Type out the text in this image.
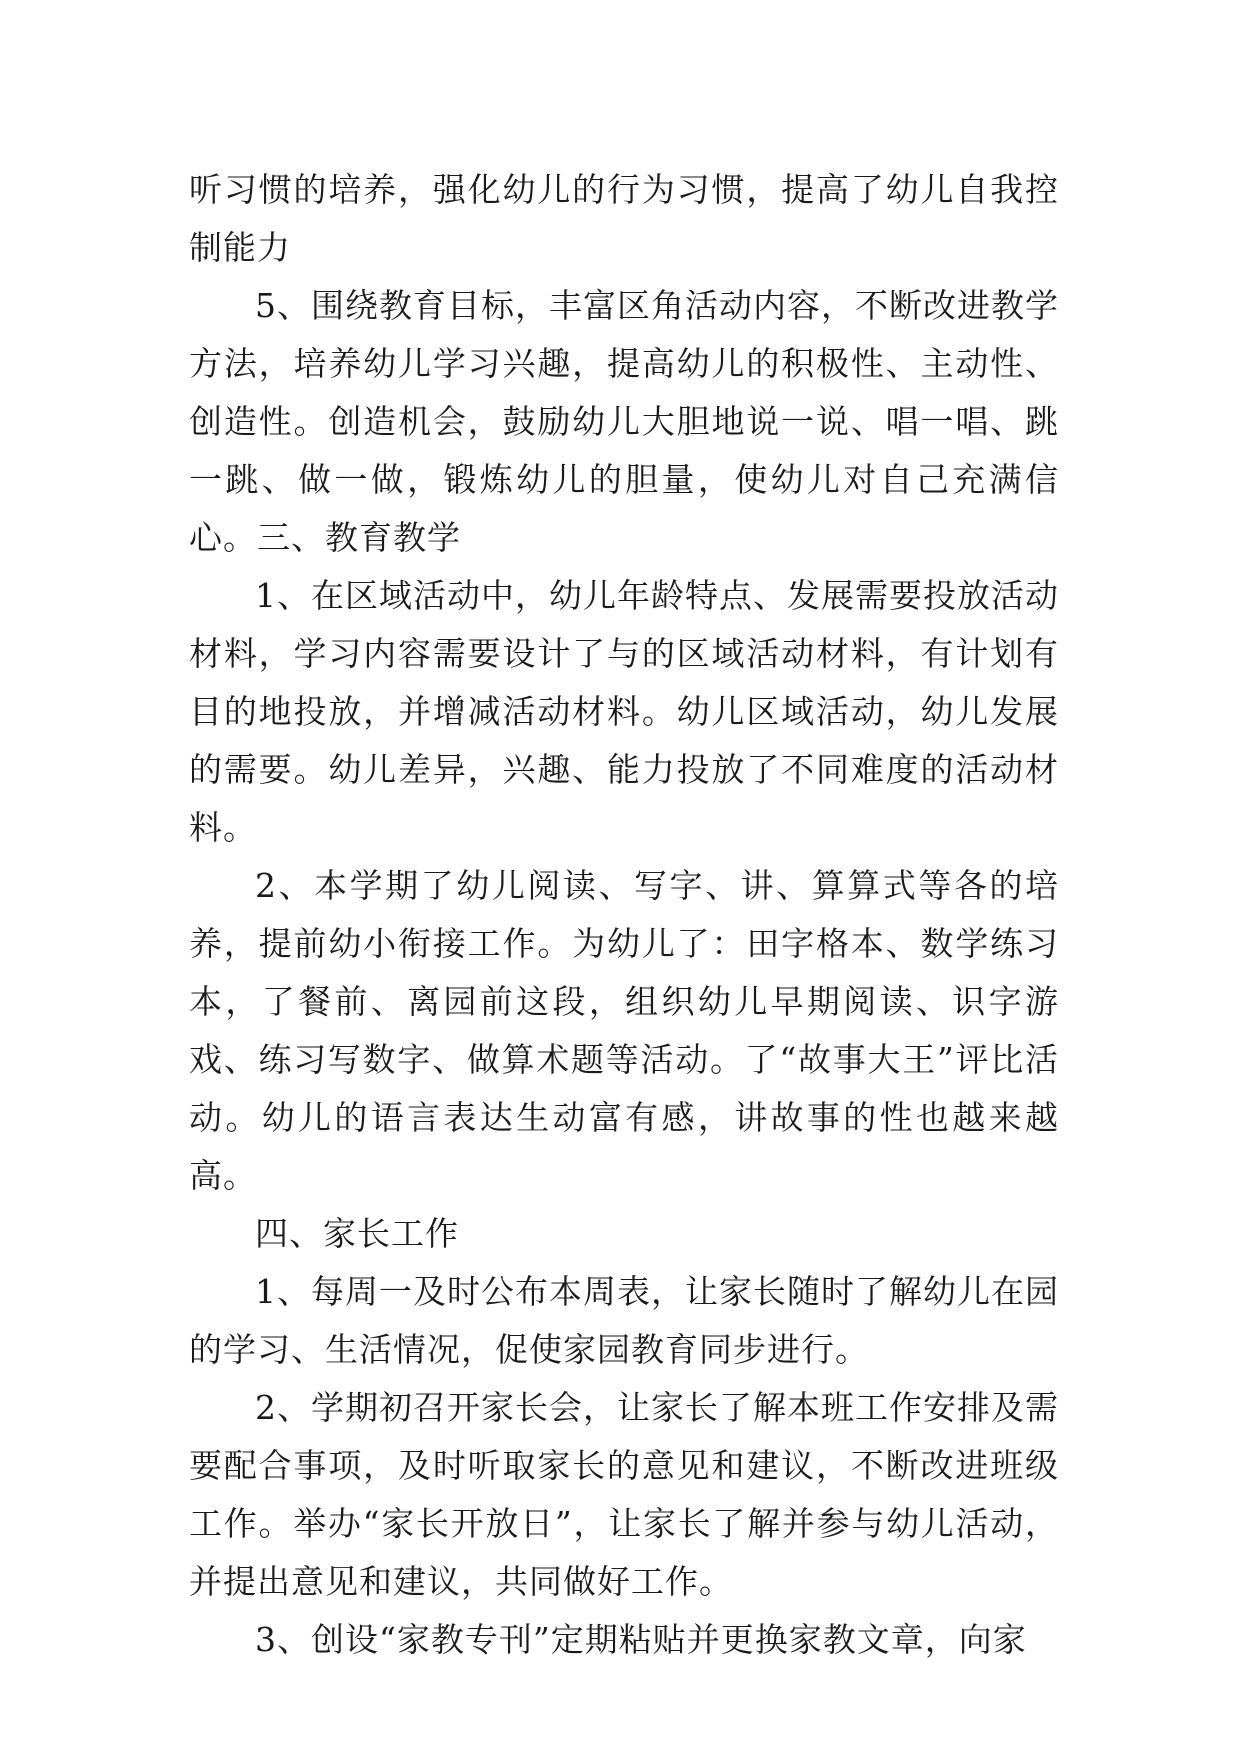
听习惯的培养，强化幼儿的行为习惯，提高了幼儿自我控制能力

5、围绕教育目标，丰富区角活动内容，不断改进教学方法，培养幼儿学习兴趣，提高幼儿的积极性、主动性、创造性。创造机会，鼓励幼儿大胆地说一说、唱一唱、跳一跳、做一做，锻炼幼儿的胆量，使幼儿对自己充满信心。三、教育教学

1、在区域活动中，幼儿年龄特点、发展需要投放活动材料，学习内容需要设计了与的区域活动材料，有计划有目的地投放，并增减活动材料。幼儿区域活动，幼儿发展的需要。幼儿差异，兴趣、能力投放了不同难度的活动材料。

2、本学期了幼儿阅读、写字、讲、算算式等各的培养，提前幼小衔接工作。为幼儿了：田字格本、数学练习本，了餐前、离园前这段，组织幼儿早期阅读、识字游戏、练习写数字、做算术题等活动。了“故事大王”评比活动。幼儿的语言表达生动富有感，讲故事的性也越来越高。

四、家长工作

1、每周一及时公布本周表，让家长随时了解幼儿在园的学习、生活情况，促使家园教育同步进行。

2、学期初召开家长会，让家长了解本班工作安排及需要配合事项，及时听取家长的意见和建议，不断改进班级工作。举办“家长开放日”，让家长了解并参与幼儿活动，并提出意见和建议，共同做好工作。

3、创设“家教专刊”定期粘贴并更换家教文章，向家
